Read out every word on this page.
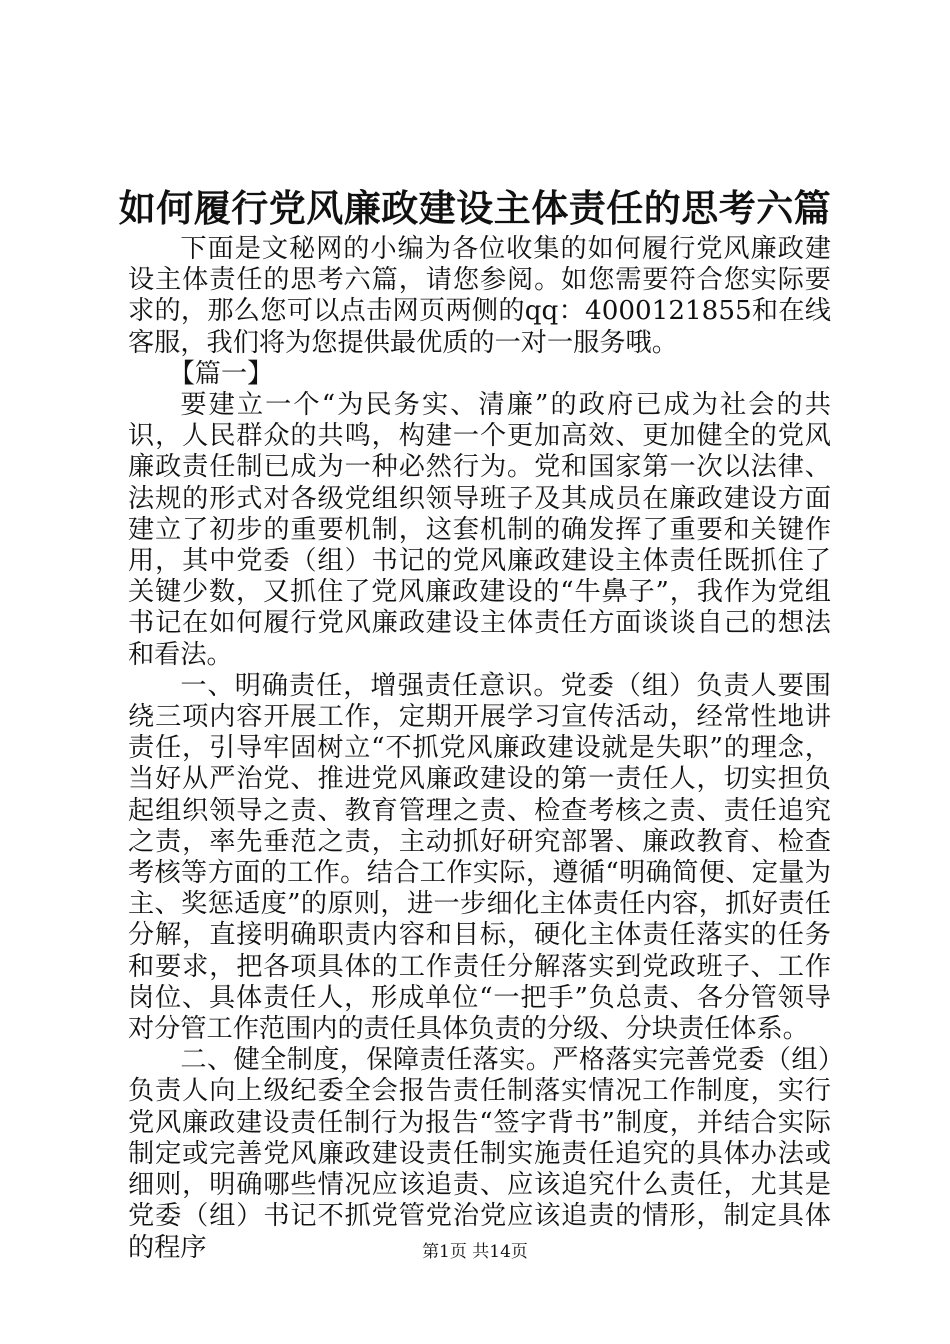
如何履行党风廉政建设主体责任的思考六篇

下面是文秘网的小编为各位收集的如何履行党风廉政建设主体责任的思考六篇，请您参阅。如您需要符合您实际要求的，那么您可以点击网页两侧的qq：4000121855和在线客服，我们将为您提供最优质的一对一服务哦。

【篇一】

要建立一个“为民务实、清廉”的政府已成为社会的共识，人民群众的共鸣，构建一个更加高效、更加健全的党风廉政责任制已成为一种必然行为。党和国家第一次以法律、法规的形式对各级党组织领导班子及其成员在廉政建设方面建立了初步的重要机制，这套机制的确发挥了重要和关键作用，其中党委（组）书记的党风廉政建设主体责任既抓住了关键少数，又抓住了党风廉政建设的“牛鼻子”，我作为党组书记在如何履行党风廉政建设主体责任方面谈谈自己的想法和看法。

一、明确责任，增强责任意识。党委（组）负责人要围绕三项内容开展工作，定期开展学习宣传活动，经常性地讲责任，引导牢固树立“不抓党风廉政建设就是失职”的理念，当好从严治党、推进党风廉政建设的第一责任人，切实担负起组织领导之责、教育管理之责、检查考核之责、责任追究之责，率先垂范之责，主动抓好研究部署、廉政教育、检查考核等方面的工作。结合工作实际，遵循“明确简便、定量为主、奖惩适度”的原则，进一步细化主体责任内容，抓好责任分解，直接明确职责内容和目标，硬化主体责任落实的任务和要求，把各项具体的工作责任分解落实到党政班子、工作岗位、具体责任人，形成单位“一把手”负总责、各分管领导对分管工作范围内的责任具体负责的分级、分块责任体系。

二、健全制度，保障责任落实。严格落实完善党委（组）负责人向上级纪委全会报告责任制落实情况工作制度，实行党风廉政建设责任制行为报告“签字背书”制度，并结合实际制定或完善党风廉政建设责任制实施责任追究的具体办法或细则，明确哪些情况应该追责、应该追究什么责任，尤其是党委（组）书记不抓党管党治党应该追责的情形，制定具体的程序	第1页 共14页
